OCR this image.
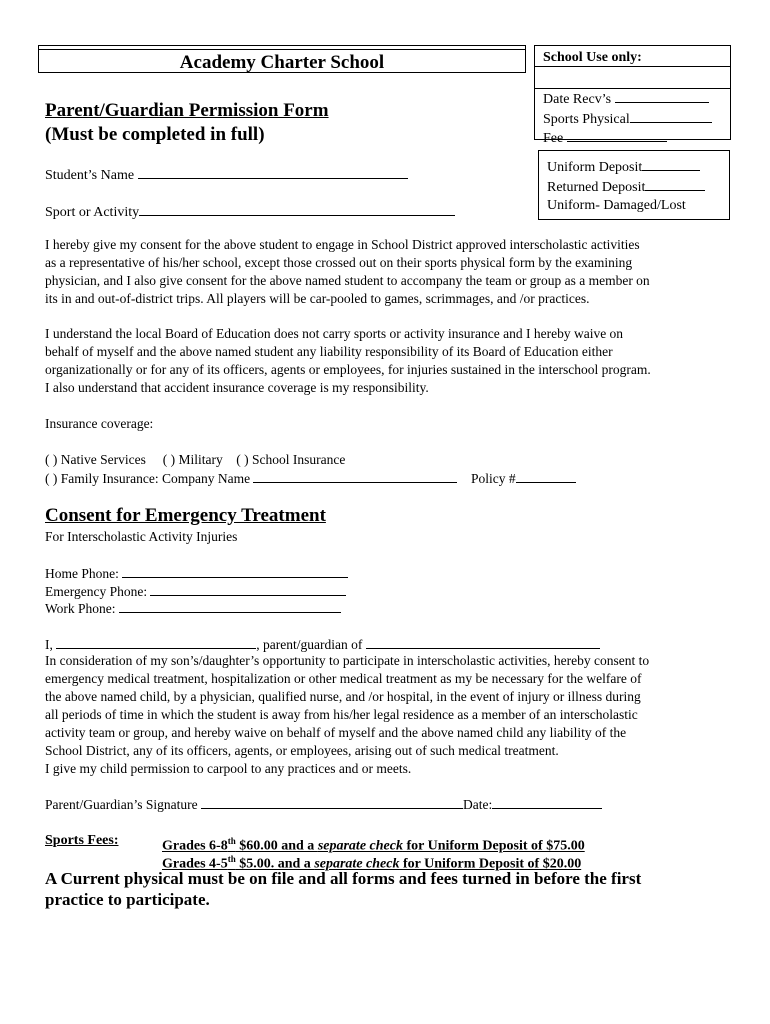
Academy Charter School	School Use only:
Date Recv’s
Sports Physical
Fee
Uniform Deposit
Returned Deposit
Uniform- Damaged/Lost
Parent/Guardian Permission Form
(Must be completed in full)
Student’s Name
Sport or Activity
I hereby give my consent for the above student to engage in School District approved interscholastic activities
as a representative of his/her school, except those crossed out on their sports physical form by the examining
physician, and I also give consent for the above named student to accompany the team or group as a member on
its in and out-of-district trips. All players will be car-pooled to games, scrimmages, and /or practices.
I understand the local Board of Education does not carry sports or activity insurance and I hereby waive on
behalf of myself and the above named student any liability responsibility of its Board of Education either
organizationally or for any of its officers, agents or employees, for injuries sustained in the interschool program.
I also understand that accident insurance coverage is my responsibility.
Insurance coverage:
( ) Native Services ( ) Military ( ) School Insurance
( ) Family Insurance: Company Name	Policy #
Consent for Emergency Treatment
For Interscholastic Activity Injuries
Home Phone:
Emergency Phone:
Work Phone:
I,	, parent/guardian of
In consideration of my son’s/daughter’s opportunity to participate in interscholastic activities, hereby consent to
emergency medical treatment, hospitalization or other medical treatment as my be necessary for the welfare of
the above named child, by a physician, qualified nurse, and /or hospital, in the event of injury or illness during
all periods of time in which the student is away from his/her legal residence as a member of an interscholastic
activity team or group, and hereby waive on behalf of myself and the above named child any liability of the
School District, any of its officers, agents, or employees, arising out of such medical treatment.
I give my child permission to carpool to any practices and or meets.
Parent/Guardian’s Signature	Date:
Sports Fees:	Grades 6-8th $60.00 and a separate check for Uniform Deposit of $75.00
Grades 4-5th $5.00. and a separate check for Uniform Deposit of $20.00
A Current physical must be on file and all forms and fees turned in before the first
practice to participate.
